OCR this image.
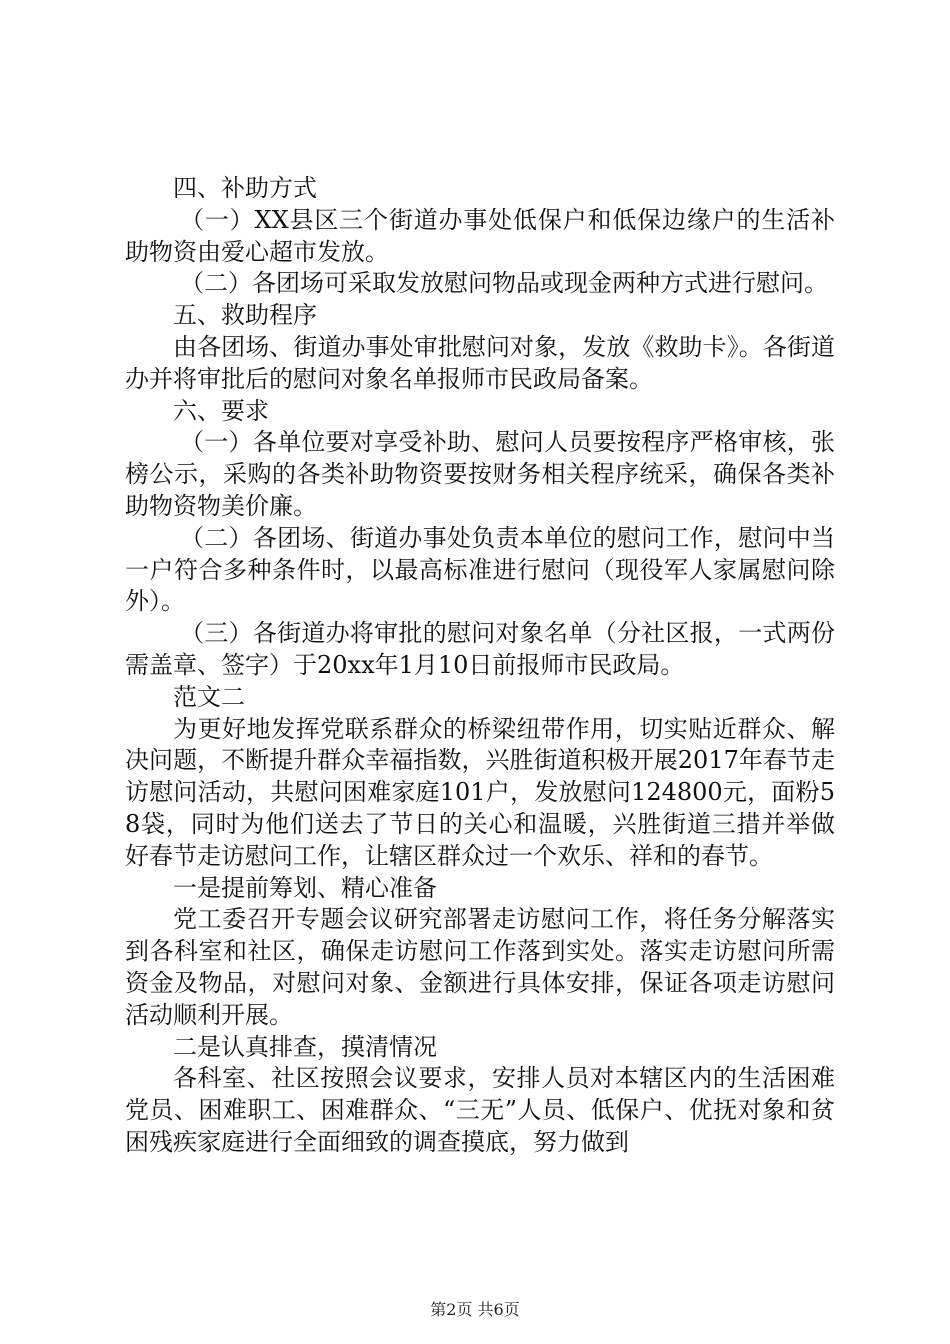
四、补助方式

（一）XX县区三个街道办事处低保户和低保边缘户的生活补助物资由爱心超市发放。

（二）各团场可采取发放慰问物品或现金两种方式进行慰问。

五、救助程序

由各团场、街道办事处审批慰问对象，发放《救助卡》。各街道办并将审批后的慰问对象名单报师市民政局备案。

六、要求

（一）各单位要对享受补助、慰问人员要按程序严格审核，张榜公示，采购的各类补助物资要按财务相关程序统采，确保各类补助物资物美价廉。

（二）各团场、街道办事处负责本单位的慰问工作，慰问中当一户符合多种条件时，以最高标准进行慰问（现役军人家属慰问除外）。

（三）各街道办将审批的慰问对象名单（分社区报，一式两份需盖章、签字）于20xx年1月10日前报师市民政局。

范文二

为更好地发挥党联系群众的桥梁纽带作用，切实贴近群众、解决问题，不断提升群众幸福指数，兴胜街道积极开展2017年春节走访慰问活动，共慰问困难家庭101户，发放慰问124800元，面粉58袋，同时为他们送去了节日的关心和温暖，兴胜街道三措并举做好春节走访慰问工作，让辖区群众过一个欢乐、祥和的春节。

一是提前筹划、精心准备

党工委召开专题会议研究部署走访慰问工作，将任务分解落实到各科室和社区，确保走访慰问工作落到实处。落实走访慰问所需资金及物品，对慰问对象、金额进行具体安排，保证各项走访慰问活动顺利开展。

二是认真排查，摸清情况

各科室、社区按照会议要求，安排人员对本辖区内的生活困难党员、困难职工、困难群众、“三无”人员、低保户、优抚对象和贫困残疾家庭进行全面细致的调查摸底，努力做到

第2页 共6页
